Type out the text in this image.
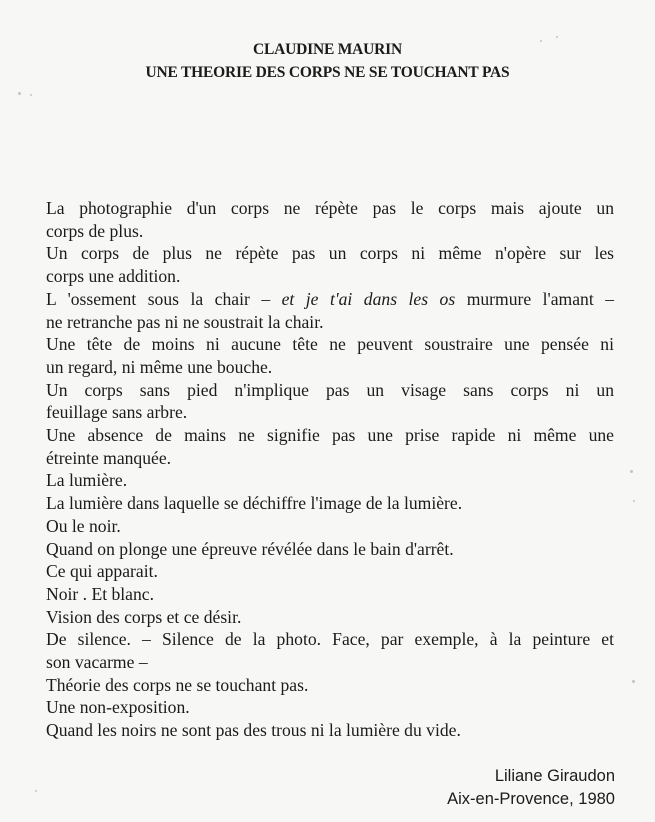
CLAUDINE MAURIN
UNE THEORIE DES CORPS NE SE TOUCHANT PAS
La photographie d'un corps ne répète pas le corps mais ajoute un
corps de plus.
Un corps de plus ne répète pas un corps ni même n'opère sur les
corps une addition.
L 'ossement sous la chair – et je t'ai dans les os murmure l'amant –
ne retranche pas ni ne soustrait la chair.
Une tête de moins ni aucune tête ne peuvent soustraire une pensée ni
un regard, ni même une bouche.
Un corps sans pied n'implique pas un visage sans corps ni un
feuillage sans arbre.
Une absence de mains ne signifie pas une prise rapide ni même une
étreinte manquée.
La lumière.
La lumière dans laquelle se déchiffre l'image de la lumière.
Ou le noir.
Quand on plonge une épreuve révélée dans le bain d'arrêt.
Ce qui apparait.
Noir . Et blanc.
Vision des corps et ce désir.
De silence. – Silence de la photo. Face, par exemple, à la peinture et
son vacarme –
Théorie des corps ne se touchant pas.
Une non-exposition.
Quand les noirs ne sont pas des trous ni la lumière du vide.
Liliane Giraudon
Aix-en-Provence, 1980
